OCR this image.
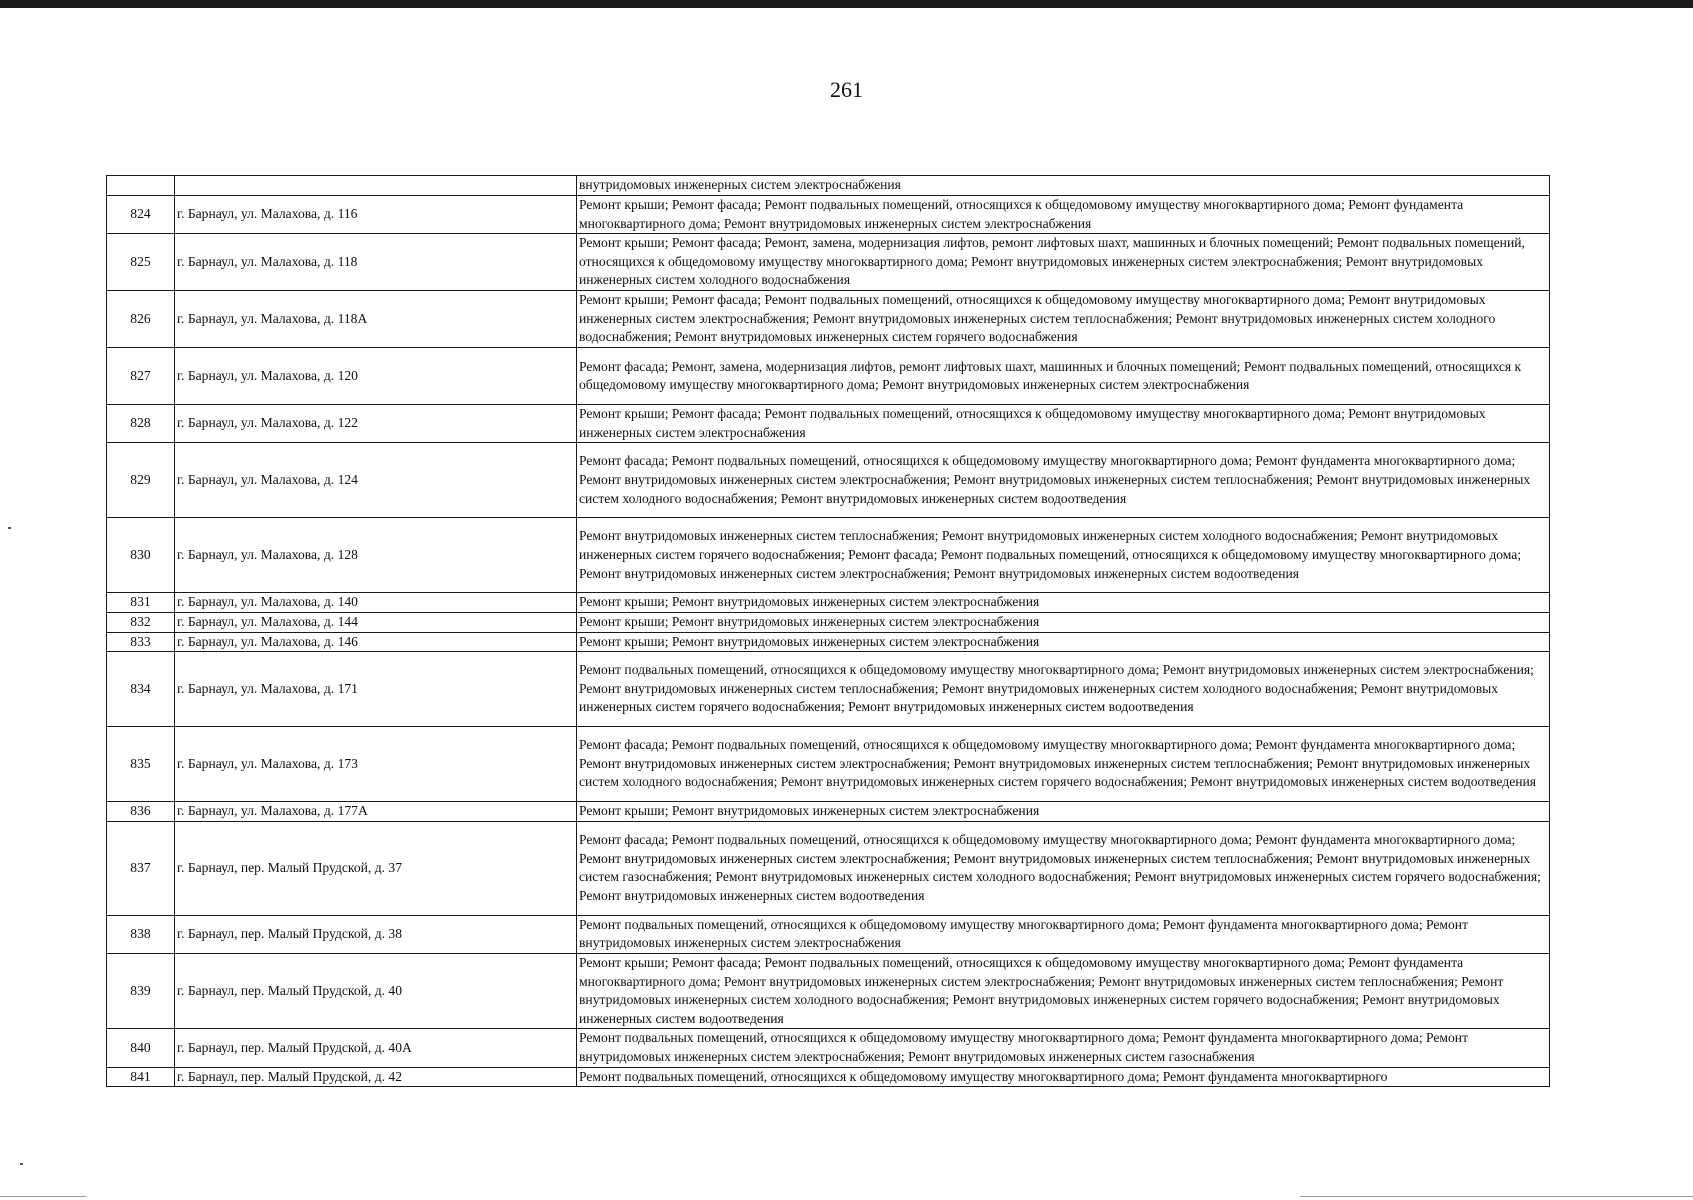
261
		внутридомовых инженерных систем электроснабжения
824	г. Барнаул, ул. Малахова, д. 116	Ремонт крыши; Ремонт фасада; Ремонт подвальных помещений, относящихся к общедомовому имуществу многоквартирного дома; Ремонт фундамента многоквартирного дома; Ремонт внутридомовых инженерных систем электроснабжения
825	г. Барнаул, ул. Малахова, д. 118	Ремонт крыши; Ремонт фасада; Ремонт, замена, модернизация лифтов, ремонт лифтовых шахт, машинных и блочных помещений; Ремонт подвальных помещений, относящихся к общедомовому имуществу многоквартирного дома; Ремонт внутридомовых инженерных систем электроснабжения; Ремонт внутридомовых инженерных систем холодного водоснабжения
826	г. Барнаул, ул. Малахова, д. 118А	Ремонт крыши; Ремонт фасада; Ремонт подвальных помещений, относящихся к общедомовому имуществу многоквартирного дома; Ремонт внутридомовых инженерных систем электроснабжения; Ремонт внутридомовых инженерных систем теплоснабжения; Ремонт внутридомовых инженерных систем холодного водоснабжения; Ремонт внутридомовых инженерных систем горячего водоснабжения
827	г. Барнаул, ул. Малахова, д. 120	Ремонт фасада; Ремонт, замена, модернизация лифтов, ремонт лифтовых шахт, машинных и блочных помещений; Ремонт подвальных помещений, относящихся к общедомовому имуществу многоквартирного дома; Ремонт внутридомовых инженерных систем электроснабжения
828	г. Барнаул, ул. Малахова, д. 122	Ремонт крыши; Ремонт фасада; Ремонт подвальных помещений, относящихся к общедомовому имуществу многоквартирного дома; Ремонт внутридомовых инженерных систем электроснабжения
829	г. Барнаул, ул. Малахова, д. 124	Ремонт фасада; Ремонт подвальных помещений, относящихся к общедомовому имуществу многоквартирного дома; Ремонт фундамента многоквартирного дома; Ремонт внутридомовых инженерных систем электроснабжения; Ремонт внутридомовых инженерных систем теплоснабжения; Ремонт внутридомовых инженерных систем холодного водоснабжения; Ремонт внутридомовых инженерных систем водоотведения
830	г. Барнаул, ул. Малахова, д. 128	Ремонт внутридомовых инженерных систем теплоснабжения; Ремонт внутридомовых инженерных систем холодного водоснабжения; Ремонт внутридомовых инженерных систем горячего водоснабжения; Ремонт фасада; Ремонт подвальных помещений, относящихся к общедомовому имуществу многоквартирного дома; Ремонт внутридомовых инженерных систем электроснабжения; Ремонт внутридомовых инженерных систем водоотведения
831	г. Барнаул, ул. Малахова, д. 140	Ремонт крыши; Ремонт внутридомовых инженерных систем электроснабжения
832	г. Барнаул, ул. Малахова, д. 144	Ремонт крыши; Ремонт внутридомовых инженерных систем электроснабжения
833	г. Барнаул, ул. Малахова, д. 146	Ремонт крыши; Ремонт внутридомовых инженерных систем электроснабжения
834	г. Барнаул, ул. Малахова, д. 171	Ремонт подвальных помещений, относящихся к общедомовому имуществу многоквартирного дома; Ремонт внутридомовых инженерных систем электроснабжения; Ремонт внутридомовых инженерных систем теплоснабжения; Ремонт внутридомовых инженерных систем холодного водоснабжения; Ремонт внутридомовых инженерных систем горячего водоснабжения; Ремонт внутридомовых инженерных систем водоотведения
835	г. Барнаул, ул. Малахова, д. 173	Ремонт фасада; Ремонт подвальных помещений, относящихся к общедомовому имуществу многоквартирного дома; Ремонт фундамента многоквартирного дома; Ремонт внутридомовых инженерных систем электроснабжения; Ремонт внутридомовых инженерных систем теплоснабжения; Ремонт внутридомовых инженерных систем холодного водоснабжения; Ремонт внутридомовых инженерных систем горячего водоснабжения; Ремонт внутридомовых инженерных систем водоотведения
836	г. Барнаул, ул. Малахова, д. 177А	Ремонт крыши; Ремонт внутридомовых инженерных систем электроснабжения
837	г. Барнаул, пер. Малый Прудской, д. 37	Ремонт фасада; Ремонт подвальных помещений, относящихся к общедомовому имуществу многоквартирного дома; Ремонт фундамента многоквартирного дома; Ремонт внутридомовых инженерных систем электроснабжения; Ремонт внутридомовых инженерных систем теплоснабжения; Ремонт внутридомовых инженерных систем газоснабжения; Ремонт внутридомовых инженерных систем холодного водоснабжения; Ремонт внутридомовых инженерных систем горячего водоснабжения; Ремонт внутридомовых инженерных систем водоотведения
838	г. Барнаул, пер. Малый Прудской, д. 38	Ремонт подвальных помещений, относящихся к общедомовому имуществу многоквартирного дома; Ремонт фундамента многоквартирного дома; Ремонт внутридомовых инженерных систем электроснабжения
839	г. Барнаул, пер. Малый Прудской, д. 40	Ремонт крыши; Ремонт фасада; Ремонт подвальных помещений, относящихся к общедомовому имуществу многоквартирного дома; Ремонт фундамента многоквартирного дома; Ремонт внутридомовых инженерных систем электроснабжения; Ремонт внутридомовых инженерных систем теплоснабжения; Ремонт внутридомовых инженерных систем холодного водоснабжения; Ремонт внутридомовых инженерных систем горячего водоснабжения; Ремонт внутридомовых инженерных систем водоотведения
840	г. Барнаул, пер. Малый Прудской, д. 40А	Ремонт подвальных помещений, относящихся к общедомовому имуществу многоквартирного дома; Ремонт фундамента многоквартирного дома; Ремонт внутридомовых инженерных систем электроснабжения; Ремонт внутридомовых инженерных систем газоснабжения
841	г. Барнаул, пер. Малый Прудской, д. 42	Ремонт подвальных помещений, относящихся к общедомовому имуществу многоквартирного дома; Ремонт фундамента многоквартирного
